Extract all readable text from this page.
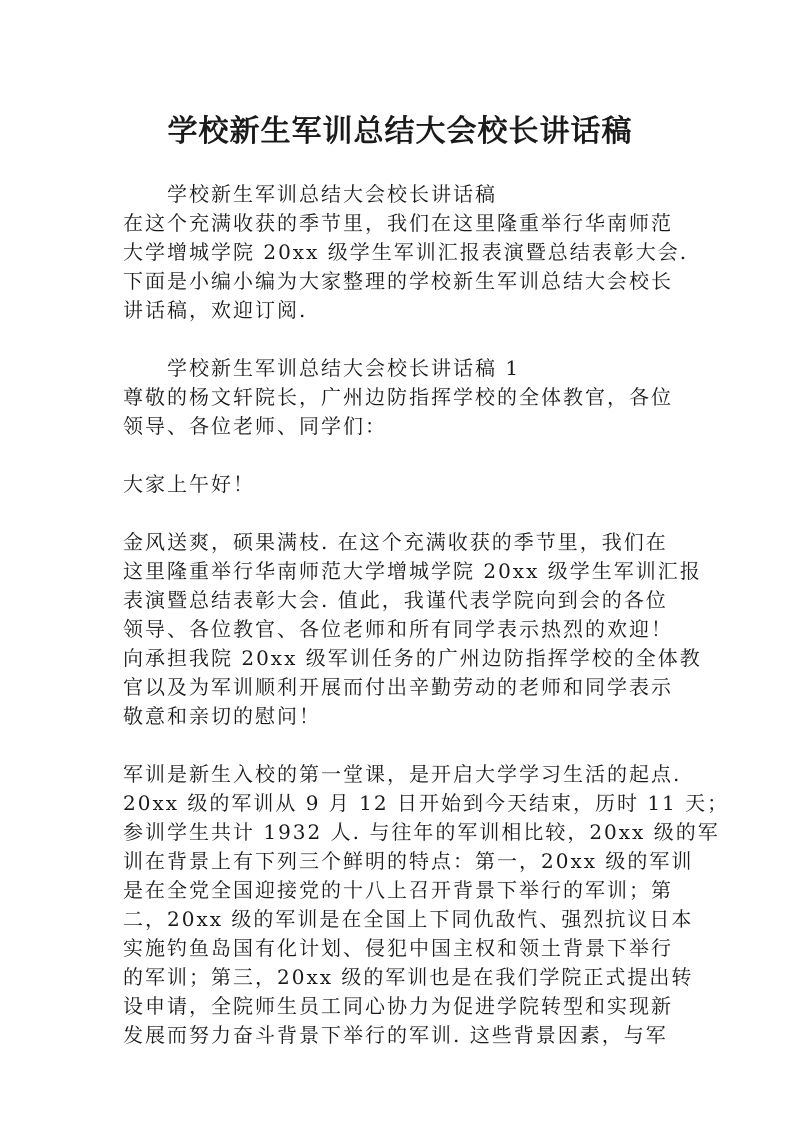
学校新生军训总结大会校长讲话稿
学校新生军训总结大会校长讲话稿
在这个充满收获的季节里，我们在这里隆重举行华南师范
大学增城学院 20xx 级学生军训汇报表演暨总结表彰大会.
下面是小编小编为大家整理的学校新生军训总结大会校长
讲话稿，欢迎订阅.
学校新生军训总结大会校长讲话稿 1
尊敬的杨文轩院长，广州边防指挥学校的全体教官，各位
领导、各位老师、同学们：
大家上午好！
金风送爽，硕果满枝. 在这个充满收获的季节里，我们在
这里隆重举行华南师范大学增城学院 20xx 级学生军训汇报
表演暨总结表彰大会. 值此，我谨代表学院向到会的各位
领导、各位教官、各位老师和所有同学表示热烈的欢迎！
向承担我院 20xx 级军训任务的广州边防指挥学校的全体教
官以及为军训顺利开展而付出辛勤劳动的老师和同学表示
敬意和亲切的慰问！
军训是新生入校的第一堂课，是开启大学学习生活的起点.
20xx 级的军训从 9 月 12 日开始到今天结束，历时 11 天；
参训学生共计 1932 人. 与往年的军训相比较，20xx 级的军
训在背景上有下列三个鲜明的特点：第一，20xx 级的军训
是在全党全国迎接党的十八上召开背景下举行的军训；第
二，20xx 级的军训是在全国上下同仇敌忾、强烈抗议日本
实施钓鱼岛国有化计划、侵犯中国主权和领土背景下举行
的军训；第三，20xx 级的军训也是在我们学院正式提出转
设申请，全院师生员工同心协力为促进学院转型和实现新
发展而努力奋斗背景下举行的军训. 这些背景因素，与军
